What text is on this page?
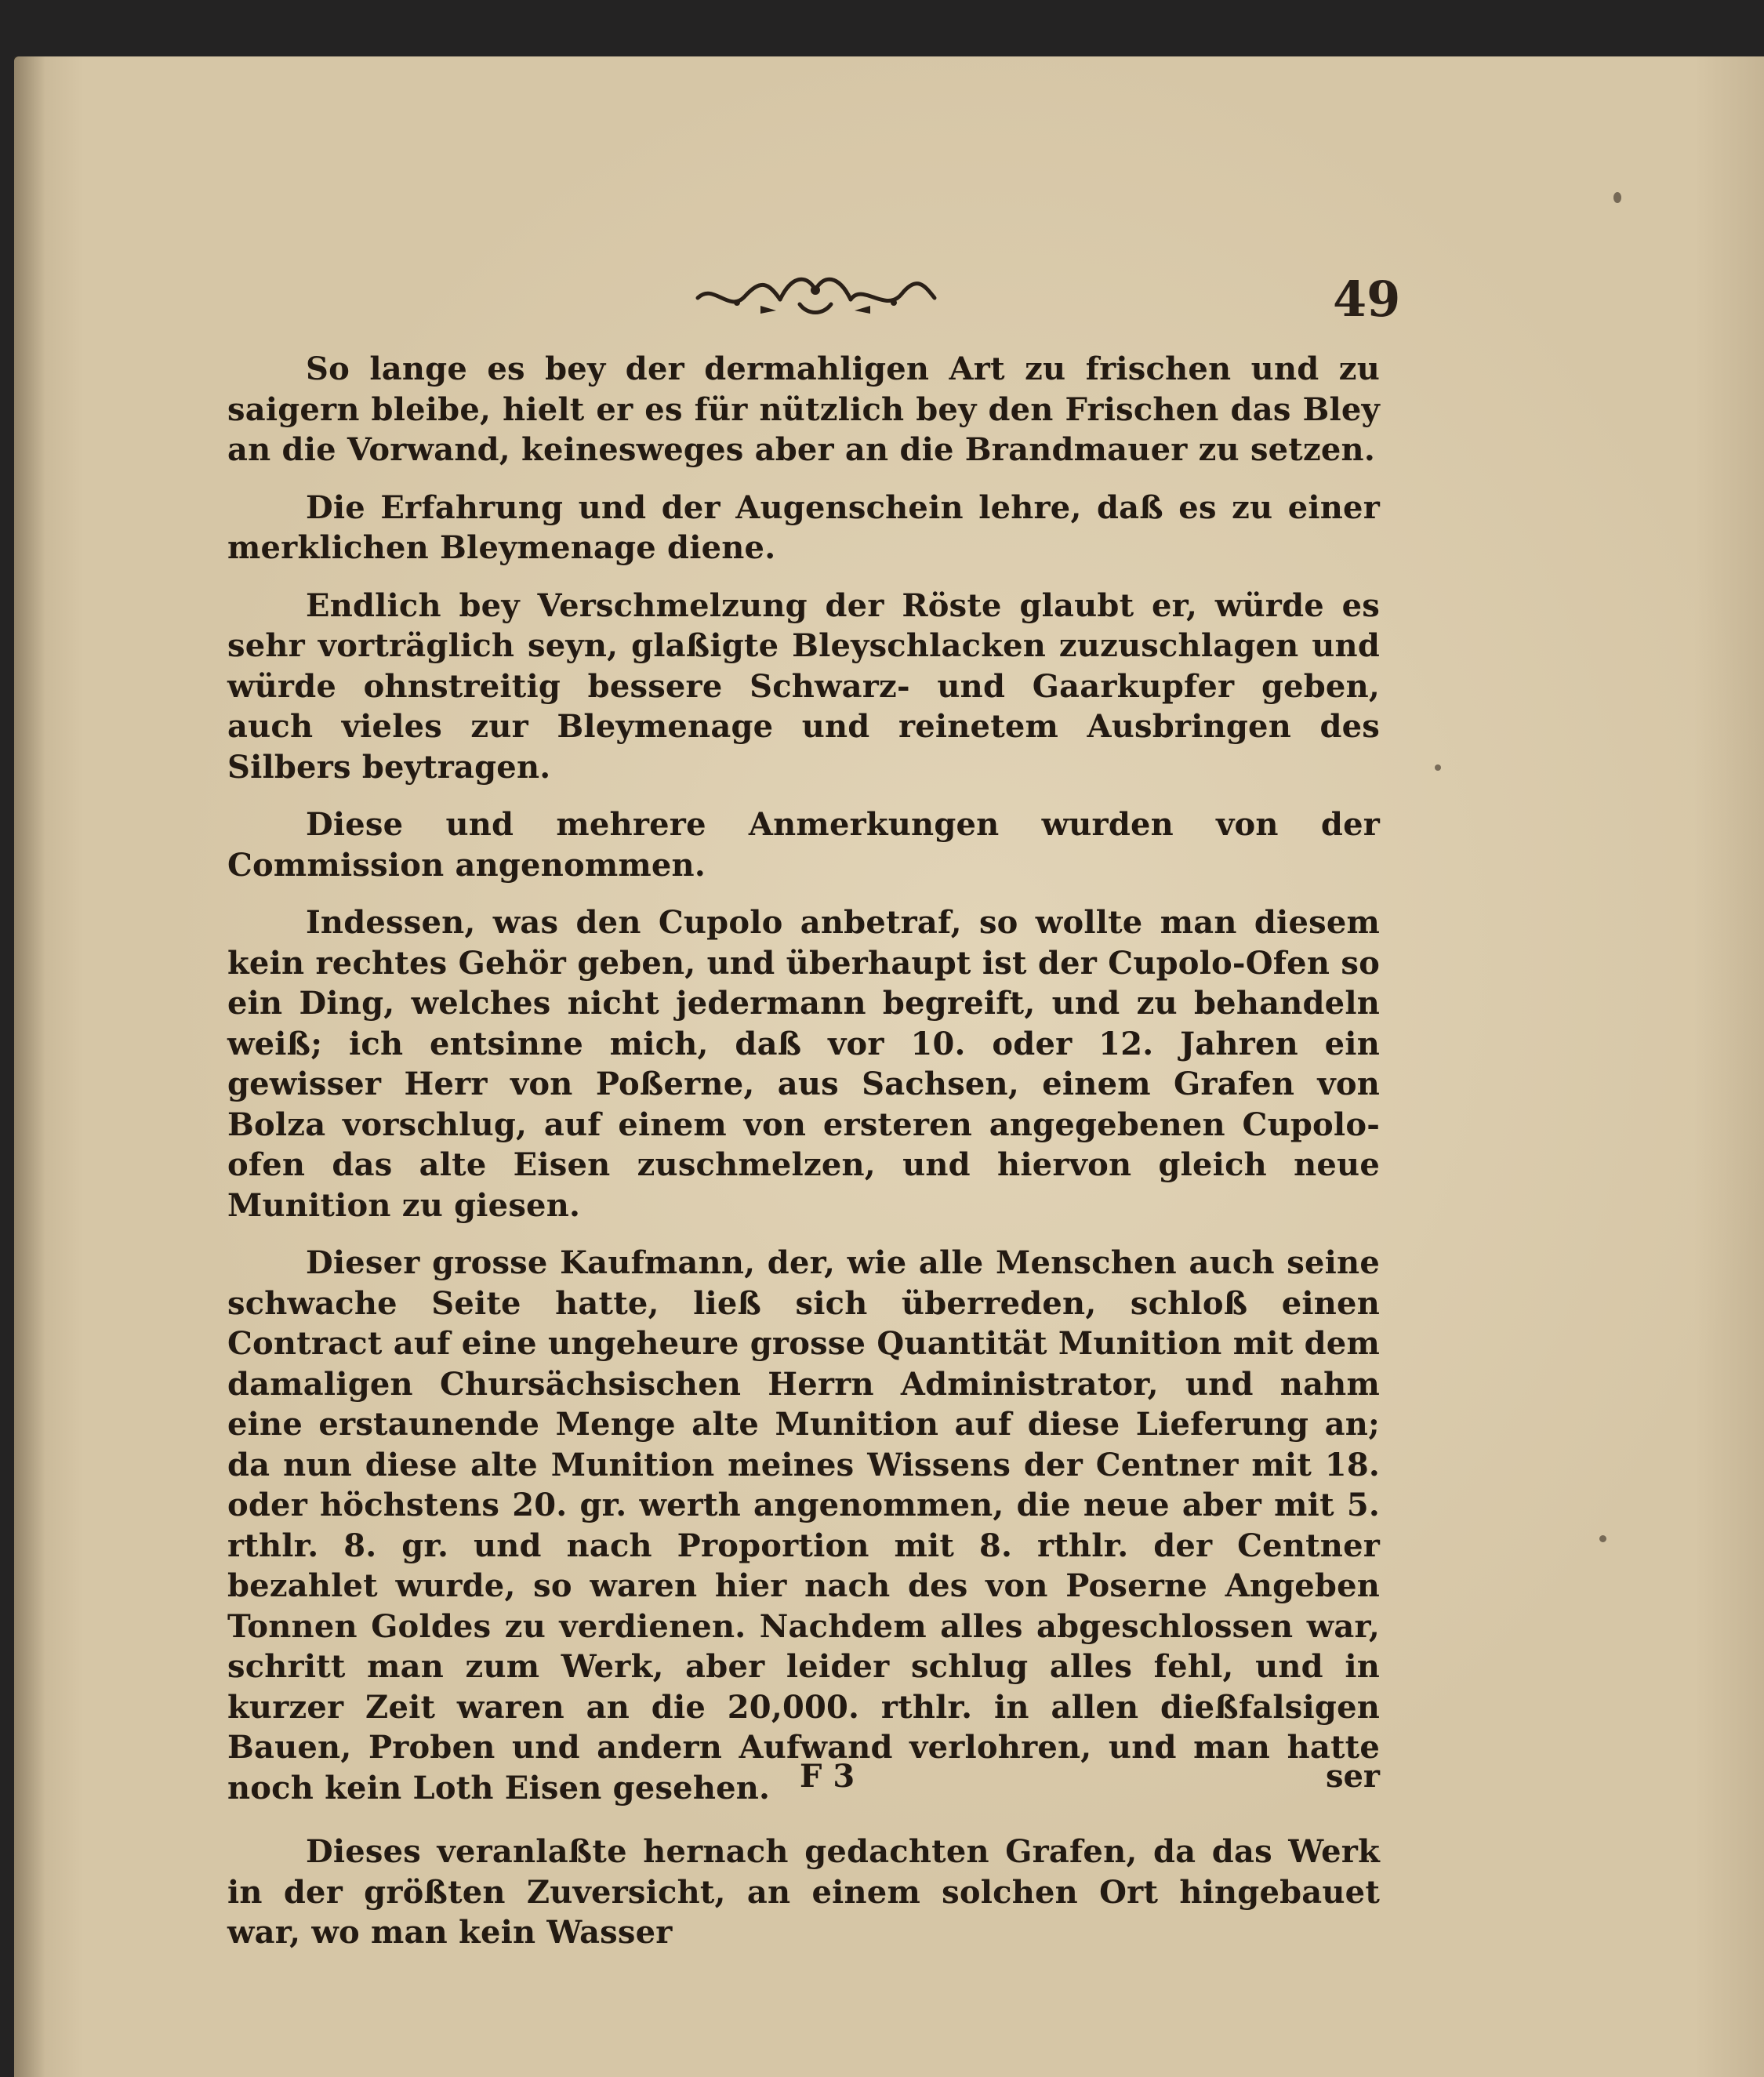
49

So lange es bey der dermahligen Art zu frischen und zu saigern bleibe, hielt er es für nützlich bey den Frischen das Bley an die Vorwand, keinesweges aber an die Brandmauer zu setzen.

Die Erfahrung und der Augenschein lehre, daß es zu einer merklichen Bleymenage diene.

Endlich bey Verschmelzung der Röste glaubt er, würde es sehr vorträglich seyn, glaßigte Bleyschlacken zuzuschlagen und würde ohnstreitig bessere Schwarz- und Gaarkupfer geben, auch vieles zur Bleymenage und reinetem Ausbringen des Silbers beytragen.

Diese und mehrere Anmerkungen wurden von der Commission angenommen.

Indessen, was den Cupolo anbetraf, so wollte man diesem kein rechtes Gehör geben, und überhaupt ist der Cupolo-Ofen so ein Ding, welches nicht jedermann begreift, und zu behandeln weiß; ich entsinne mich, daß vor 10. oder 12. Jahren ein gewisser Herr von Poßerne, aus Sachsen, einem Grafen von Bolza vorschlug, auf einem von ersteren angegebenen Cupolo-ofen das alte Eisen zuschmelzen, und hiervon gleich neue Munition zu giesen.

Dieser grosse Kaufmann, der, wie alle Menschen auch seine schwache Seite hatte, ließ sich überreden, schloß einen Contract auf eine ungeheure grosse Quantität Munition mit dem damaligen Chursächsischen Herrn Administrator, und nahm eine erstaunende Menge alte Munition auf diese Lieferung an; da nun diese alte Munition meines Wissens der Centner mit 18. oder höchstens 20. gr. werth angenommen, die neue aber mit 5. rthlr. 8. gr. und nach Proportion mit 8. rthlr. der Centner bezahlet wurde, so waren hier nach des von Poserne Angeben Tonnen Goldes zu verdienen. Nachdem alles abgeschlossen war, schritt man zum Werk, aber leider schlug alles fehl, und in kurzer Zeit waren an die 20,000. rthlr. in allen dießfalsigen Bauen, Proben und andern Aufwand verlohren, und man hatte noch kein Loth Eisen gesehen.

Dieses veranlaßte hernach gedachten Grafen, da das Werk in der größten Zuversicht, an einem solchen Ort hingebauet war, wo man kein Wasser

F 3	ser
